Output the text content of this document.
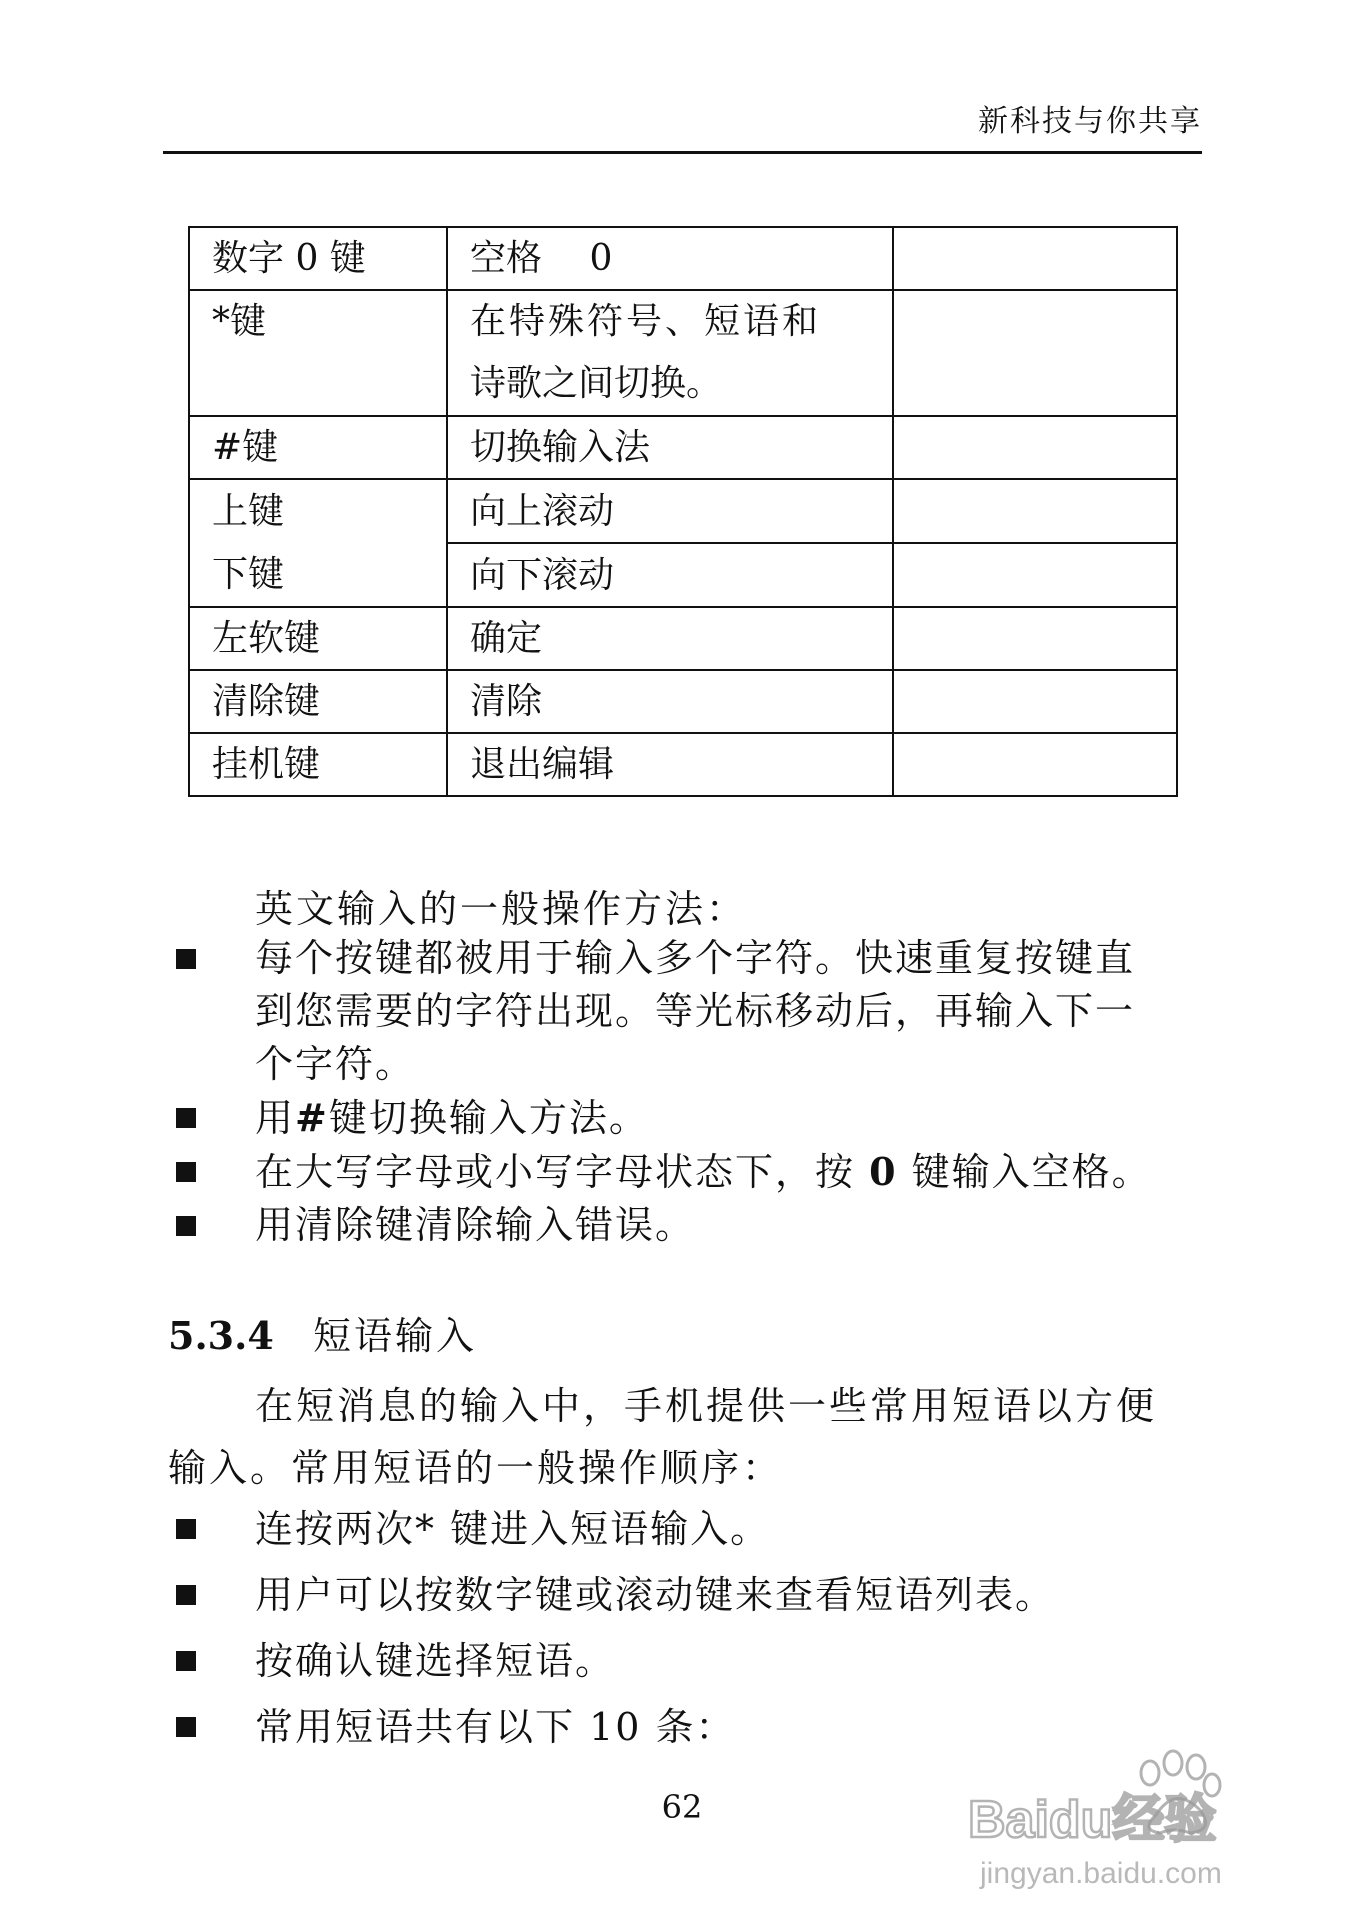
新科技与你共享
数字 0 键	空格　 0	
*键	在特殊符号、短语和
诗歌之间切换。	

#键	切换输入法	

上键
下键	向上滚动	
	向下滚动	
左软键	确定	
清除键	清除	
挂机键	退出编辑	
英文输入的一般操作方法：
每个按键都被用于输入多个字符。快速重复按键直
到您需要的字符出现。等光标移动后，再输入下一
个字符。
用#键切换输入方法。
在大写字母或小写字母状态下，按 0 键输入空格。
用清除键清除输入错误。
5.3.4 短语输入
在短消息的输入中，手机提供一些常用短语以方便
输入。常用短语的一般操作顺序：
连按两次* 键进入短语输入。
用户可以按数字键或滚动键来查看短语列表。
按确认键选择短语。
常用短语共有以下 10 条：
62	Baidu经验
jingyan.baidu.com
